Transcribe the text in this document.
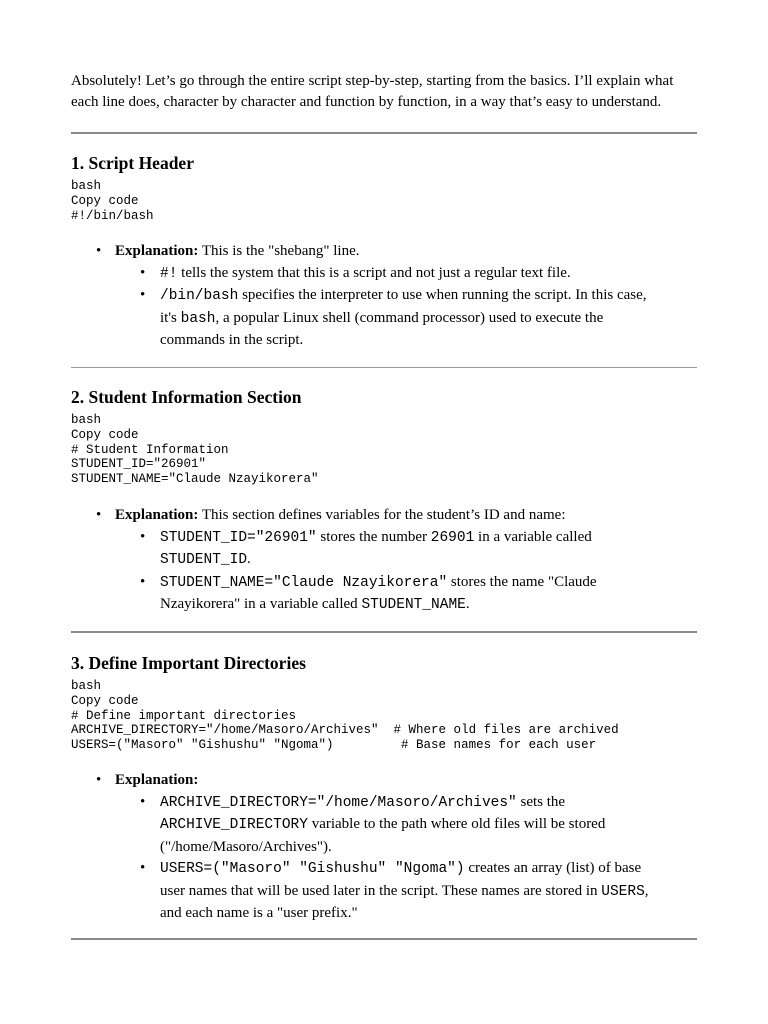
Absolutely! Let’s go through the entire script step-by-step, starting from the basics. I’ll explain what each line does, character by character and function by function, in a way that’s easy to understand.

1. Script Header
bash
Copy code
#!/bin/bash
• Explanation: This is the "shebang" line.
• #! tells the system that this is a script and not just a regular text file.
• /bin/bash specifies the interpreter to use when running the script. In this case, it's bash, a popular Linux shell (command processor) used to execute the commands in the script.
2. Student Information Section
bash
Copy code
# Student Information
STUDENT_ID="26901"
STUDENT_NAME="Claude Nzayikorera"
• Explanation: This section defines variables for the student’s ID and name:
• STUDENT_ID="26901" stores the number 26901 in a variable called STUDENT_ID.
• STUDENT_NAME="Claude Nzayikorera" stores the name "Claude Nzayikorera" in a variable called STUDENT_NAME.
3. Define Important Directories
bash
Copy code
# Define important directories
ARCHIVE_DIRECTORY="/home/Masoro/Archives"  # Where old files are archived
USERS=("Masoro" "Gishushu" "Ngoma")         # Base names for each user
• Explanation:
• ARCHIVE_DIRECTORY="/home/Masoro/Archives" sets the ARCHIVE_DIRECTORY variable to the path where old files will be stored ("/home/Masoro/Archives").
• USERS=("Masoro" "Gishushu" "Ngoma") creates an array (list) of base user names that will be used later in the script. These names are stored in USERS, and each name is a "user prefix."
